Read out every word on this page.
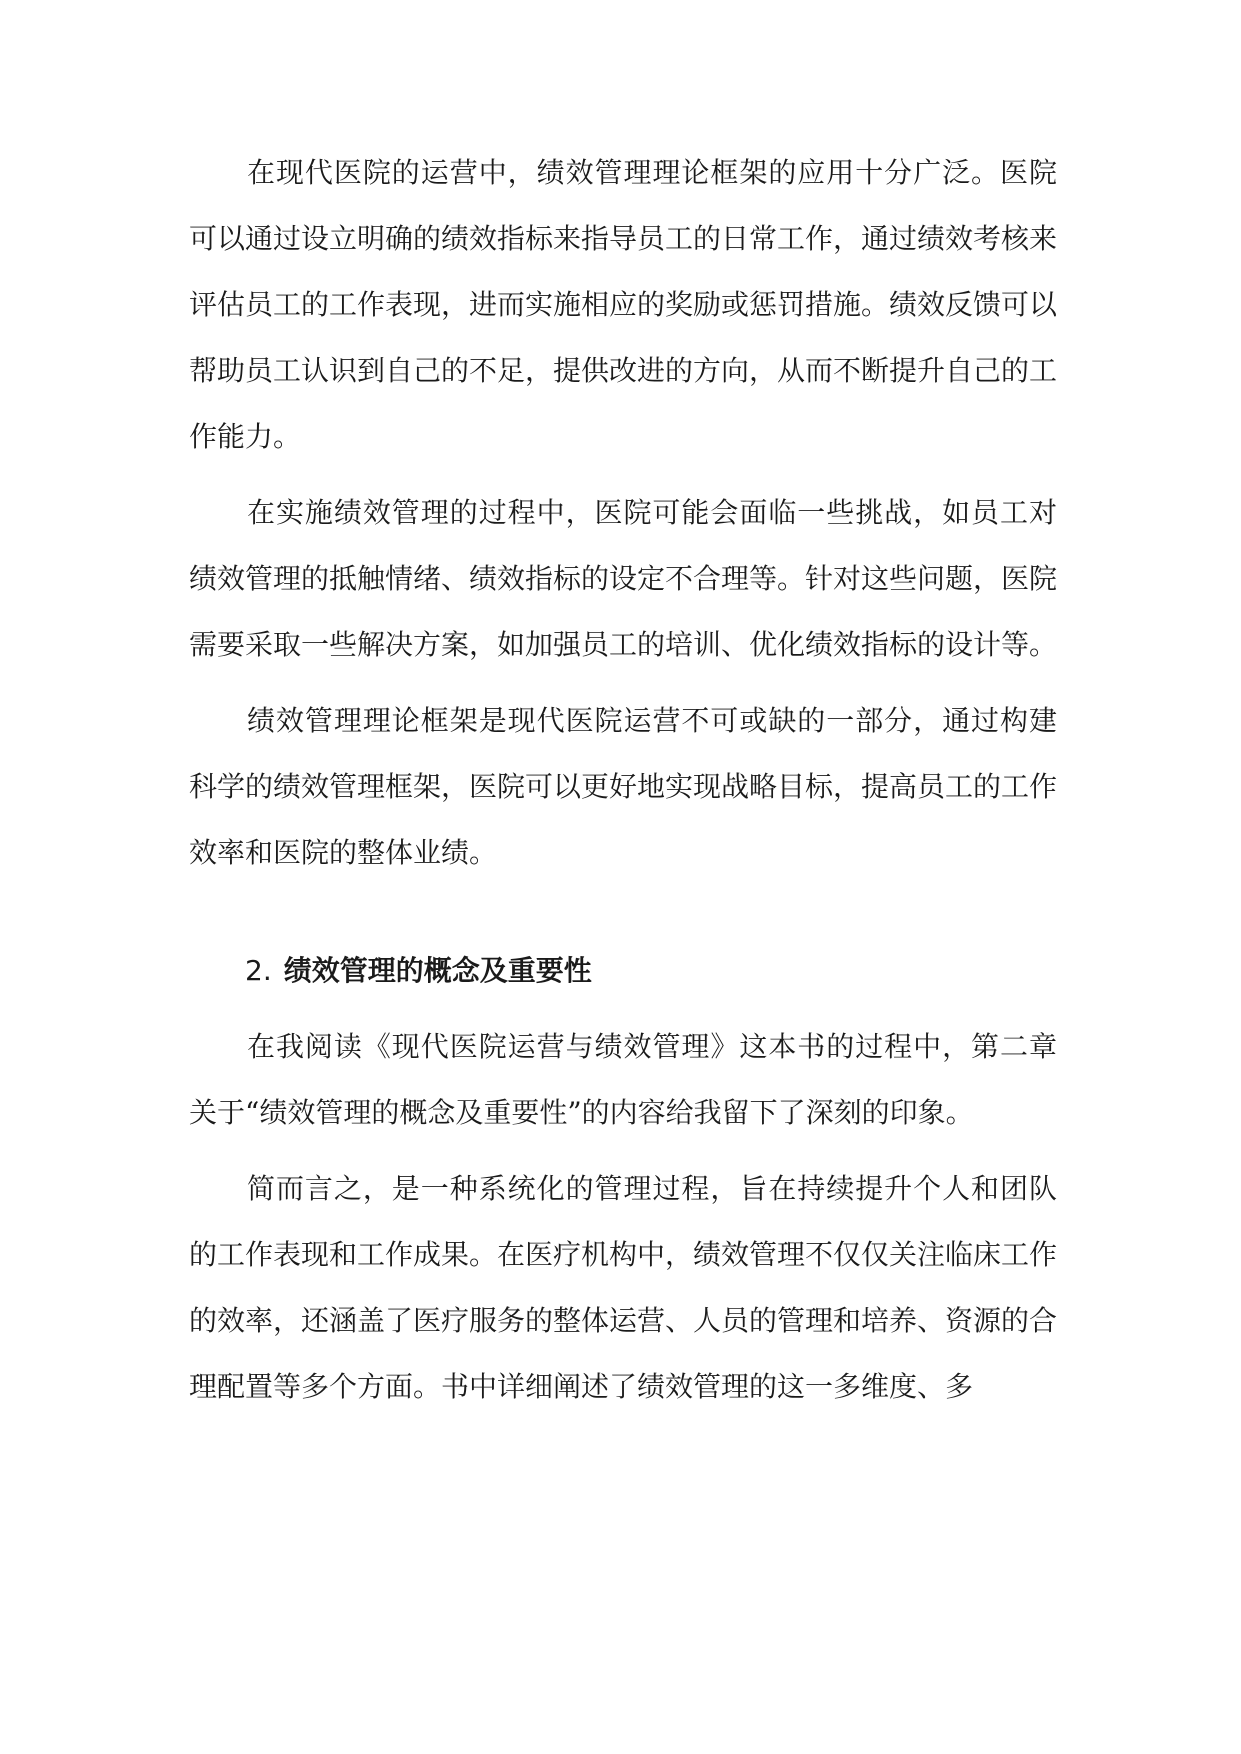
在现代医院的运营中，绩效管理理论框架的应用十分广泛。医院可以通过设立明确的绩效指标来指导员工的日常工作，通过绩效考核来评估员工的工作表现，进而实施相应的奖励或惩罚措施。绩效反馈可以帮助员工认识到自己的不足，提供改进的方向，从而不断提升自己的工作能力。

在实施绩效管理的过程中，医院可能会面临一些挑战，如员工对绩效管理的抵触情绪、绩效指标的设定不合理等。针对这些问题，医院需要采取一些解决方案，如加强员工的培训、优化绩效指标的设计等。

绩效管理理论框架是现代医院运营不可或缺的一部分，通过构建科学的绩效管理框架，医院可以更好地实现战略目标，提高员工的工作效率和医院的整体业绩。

2. 绩效管理的概念及重要性

在我阅读《现代医院运营与绩效管理》这本书的过程中，第二章关于“绩效管理的概念及重要性”的内容给我留下了深刻的印象。

简而言之，是一种系统化的管理过程，旨在持续提升个人和团队的工作表现和工作成果。在医疗机构中，绩效管理不仅仅关注临床工作的效率，还涵盖了医疗服务的整体运营、人员的管理和培养、资源的合理配置等多个方面。书中详细阐述了绩效管理的这一多维度、多
